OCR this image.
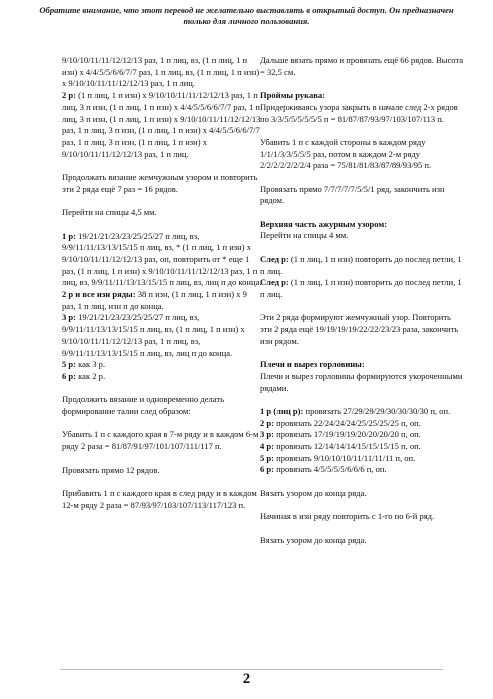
Обратите внимание, что этот перевод не желательно выставлять в открытый доступ. Он предназначен только для личного пользования.
9/10/10/11/11/12/12/13 раз, 1 п лиц, вз, (1 п лиц, 1 п изн) х 4/4/5/5/6/6/7/7 раз, 1 п лиц, вз, (1 п лиц, 1 п изн) х 9/10/10/11/11/12/12/13 раз, 1 п лиц.
2 р: (1 п лиц, 1 п изн) х 9/10/10/11/11/12/12/13 раз, 1 п лиц, 3 п изн, (1 п лиц, 1 п изн) х 4/4/5/5/6/6/7/7 раз, 1 п лиц, 3 п изн, (1 п лиц, 1 п изн) х 9/10/10/11/11/12/12/13 раз, 1 п лиц, 3 п изн, (1 п лиц, 1 п изн) х 4/4/5/5/6/6/7/7 раз, 1 п лиц, 3 п изн, (1 п лиц, 1 п изн) х 9/10/10/11/11/12/12/13 раз, 1 п лиц.
Продолжать вязание жемчужным узором и повторить эти 2 ряда ещё 7 раз = 16 рядов.
Перейти на спицы 4,5 мм.
1 р: 19/21/21/23/23/25/25/27 п лиц, вз, 9/9/11/11/13/13/15/15 п лиц, вз, * (1 п лиц, 1 п изн) х 9/10/10/11/11/12/12/13 раз, оп, повторить от * еще 1 раз, (1 п лиц, 1 п изн) х 9/10/10/11/11/12/12/13 раз, 1 п лиц, вз, 9/9/11/11/13/13/15/15 п лиц, вз, лиц п до конца.
2 р и все изн ряды: 38 п изн, (1 п лиц, 1 п изн) х 9 раз, 1 п лиц, изн п до конца.
3 р: 19/21/21/23/23/25/25/27 п лиц, вз, 9/9/11/11/13/13/15/15 п лиц, вз, (1 п лиц, 1 п изн) х 9/10/10/11/11/12/12/13 раз, 1 п лиц, вз, 9/9/11/11/13/13/15/15 п лиц, вз, лиц п до конца.
5 р: как 3 р.
6 р: как 2 р.
Продолжить вязание и одновременно делать формирование талии след образом:
Убавить 1 п с каждого края в 7-м ряду и в каждом 6-м ряду 2 раза = 81/87/91/97/101/107/111/117 п.
Провязать прямо 12 рядов.
Прибавить 1 п с каждого края в след ряду и в каждом 12-м ряду 2 раза = 87/93/97/103/107/113/117/123 п.
Дальше вязать прямо и провязать ещё 66 рядов. Высота = 32,5 см.
Проймы рукава:
Придерживаясь узора закрыть в начале след 2-х рядов по 3/3/5/5/5/5/5/5 п = 81/87/87/93/97/103/107/113 п.
Убавить 1 п с каждой стороны в каждом ряду 1/1/1/3/3/5/5/5 раз, потом в каждом 2-м ряду 2/2/2/2/2/2/2/4 раза = 75/81/81/83/87/89/93/95 п.
Провязать прямо 7/7/7/7/7/5/5/1 ряд, закончить изн рядом.
Верхняя часть ажурным узором:
Перейти на спицы 4 мм.
След р: (1 п лиц, 1 п изн) повторить до послед петли, 1 п лиц.
След р: (1 п лиц, 1 п изн) повторить до послед петли, 1 п лиц.
Эти 2 ряда формируют жемчужный узор. Повторить эти 2 ряда ещё 19/19/19/19/22/22/23/23 раза, закончить изн рядом.
Плечи и вырез горловины:
Плечи и вырез горловины формируются укороченными рядами.
1 р (лиц р): провязать 27/29/29/29/30/30/30/30 п, оп.
2 р: провязать 22/24/24/24/25/25/25/25 п, оп.
3 р: провязать 17/19/19/19/20/20/20/20 п, оп.
4 р: провязать 12/14/14/14/15/15/15/15 п, оп.
5 р: провязать 9/10/10/10/11/11/11/11 п, оп.
6 р: провязать 4/5/5/5/5/6/6/6 п, оп.
Вязать узором до конца ряда.
Начиная в изн ряду повторить с 1-го по 6-й ряд.
Вязать узором до конца ряда.
2
